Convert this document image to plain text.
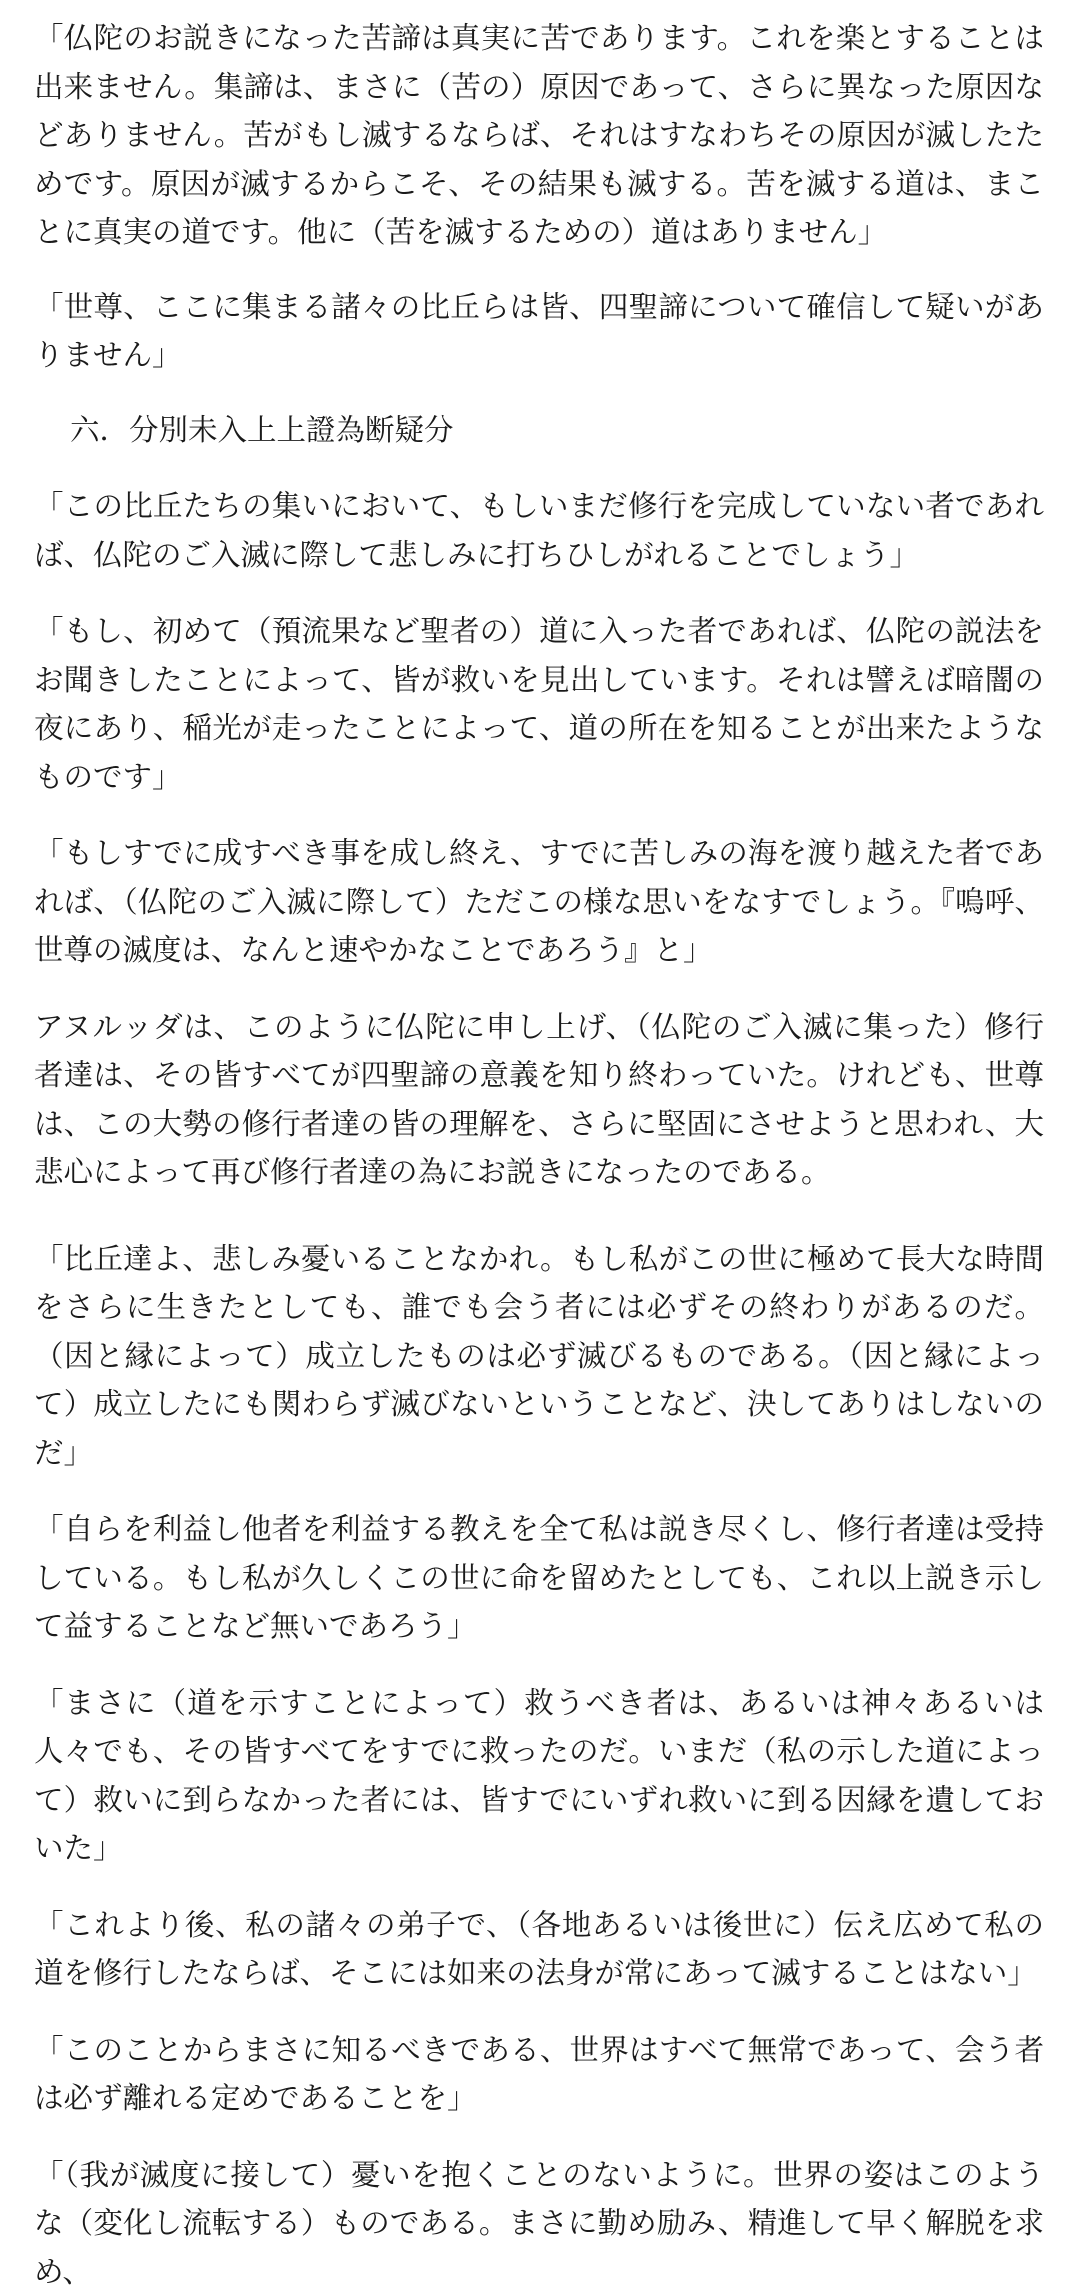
「仏陀のお説きになった苦諦は真実に苦であります。これを楽とすることは出来ません。集諦は、まさに（苦の）原因であって、さらに異なった原因などありません。苦がもし滅するならば、それはすなわちその原因が滅したためです。原因が滅するからこそ、その結果も滅する。苦を滅する道は、まことに真実の道です。他に（苦を滅するための）道はありません」

「世尊、ここに集まる諸々の比丘らは皆、四聖諦について確信して疑いがありません」

六．分別未入上上證為断疑分

「この比丘たちの集いにおいて、もしいまだ修行を完成していない者であれば、仏陀のご入滅に際して悲しみに打ちひしがれることでしょう」

「もし、初めて（預流果など聖者の）道に入った者であれば、仏陀の説法をお聞きしたことによって、皆が救いを見出しています。それは譬えば暗闇の夜にあり、稲光が走ったことによって、道の所在を知ることが出来たようなものです」

「もしすでに成すべき事を成し終え、すでに苦しみの海を渡り越えた者であれば、（仏陀のご入滅に際して）ただこの様な思いをなすでしょう。『嗚呼、世尊の滅度は、なんと速やかなことであろう』と」

アヌルッダは、このように仏陀に申し上げ、（仏陀のご入滅に集った）修行者達は、その皆すべてが四聖諦の意義を知り終わっていた。けれども、世尊は、この大勢の修行者達の皆の理解を、さらに堅固にさせようと思われ、大悲心によって再び修行者達の為にお説きになったのである。

「比丘達よ、悲しみ憂いることなかれ。もし私がこの世に極めて長大な時間をさらに生きたとしても、誰でも会う者には必ずその終わりがあるのだ。（因と縁によって）成立したものは必ず滅びるものである。（因と縁によって）成立したにも関わらず滅びないということなど、決してありはしないのだ」

「自らを利益し他者を利益する教えを全て私は説き尽くし、修行者達は受持している。もし私が久しくこの世に命を留めたとしても、これ以上説き示して益することなど無いであろう」

「まさに（道を示すことによって）救うべき者は、あるいは神々あるいは人々でも、その皆すべてをすでに救ったのだ。いまだ（私の示した道によって）救いに到らなかった者には、皆すでにいずれ救いに到る因縁を遺しておいた」

「これより後、私の諸々の弟子で、（各地あるいは後世に）伝え広めて私の道を修行したならば、そこには如来の法身が常にあって滅することはない」

「このことからまさに知るべきである、世界はすべて無常であって、会う者は必ず離れる定めであることを」

「（我が滅度に接して）憂いを抱くことのないように。世界の姿はこのような（変化し流転する）ものである。まさに勤め励み、精進して早く解脱を求め、
